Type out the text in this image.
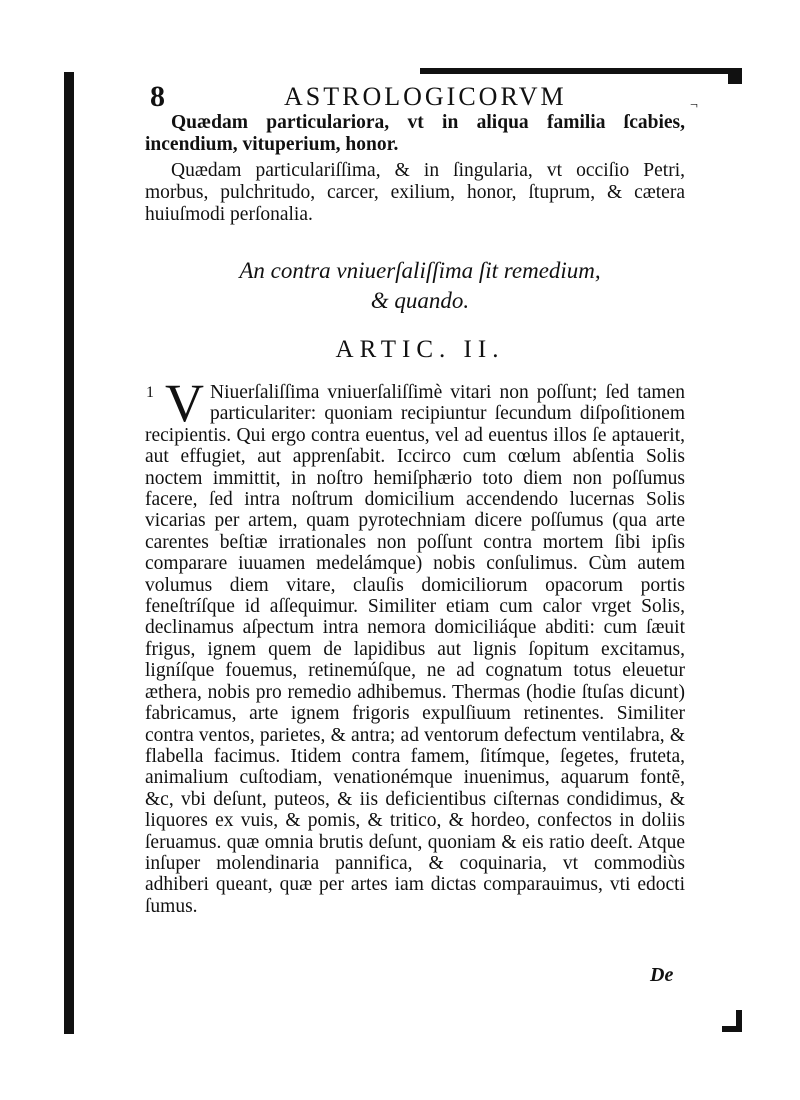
¬
8	ASTROLOGICORVM
Quædam particulariora, vt in aliqua familia ſcabies, incendium, vituperium, honor.
Quædam particulariſſima, & in ſingularia, vt occiſio Petri, morbus, pulchritudo, carcer, exilium, honor, ſtuprum, & cætera huiuſmodi perſonalia.
An contra vniuerſaliſſima ſit remedium,
& quando.
ARTIC. II.
1 V Niuerſaliſſima vniuerſaliſſimè vitari non poſſunt; ſed tamen particulariter: quoniam recipiuntur ſecundum diſpoſitionem recipientis. Qui ergo contra euentus, vel ad euentus illos ſe aptauerit, aut effugiet, aut apprenſabit. Iccirco cum cœlum abſentia Solis noctem immittit, in noſtro hemiſphærio toto diem non poſſumus facere, ſed intra noſtrum domicilium accendendo lucernas Solis vicarias per artem, quam pyrotechniam dicere poſſumus (qua arte carentes beſtiæ irrationales non poſſunt contra mortem ſibi ipſis comparare iuuamen medelámque) nobis conſulimus. Cùm autem volumus diem vitare, clauſis domiciliorum opacorum portis feneſtríſque id aſſequimur. Similiter etiam cum calor vrget Solis, declinamus aſpectum intra nemora domiciliáque abditi: cum ſæuit frigus, ignem quem de lapidibus aut lignis ſopitum excitamus, ligníſque fouemus, retinemúſque, ne ad cognatum totus eleuetur æthera, nobis pro remedio adhibemus. Thermas (hodie ſtuſas dicunt) fabricamus, arte ignem frigoris expulſiuum retinentes. Similiter contra ventos, parietes, & antra; ad ventorum defectum ventilabra, & flabella facimus. Itidem contra famem, ſitímque, ſegetes, fruteta, animalium cuſtodiam, venationémque inuenimus, aquarum fontẽ, &c, vbi deſunt, puteos, & iis deficientibus ciſternas condidimus, & liquores ex vuis, & pomis, & tritico, & hordeo, confectos in doliis ſeruamus. quæ omnia brutis deſunt, quoniam & eis ratio deeſt. Atque inſuper molendinaria pannifica, & coquinaria, vt commodiùs adhiberi queant, quæ per artes iam dictas comparauimus, vti edocti ſumus.
De
